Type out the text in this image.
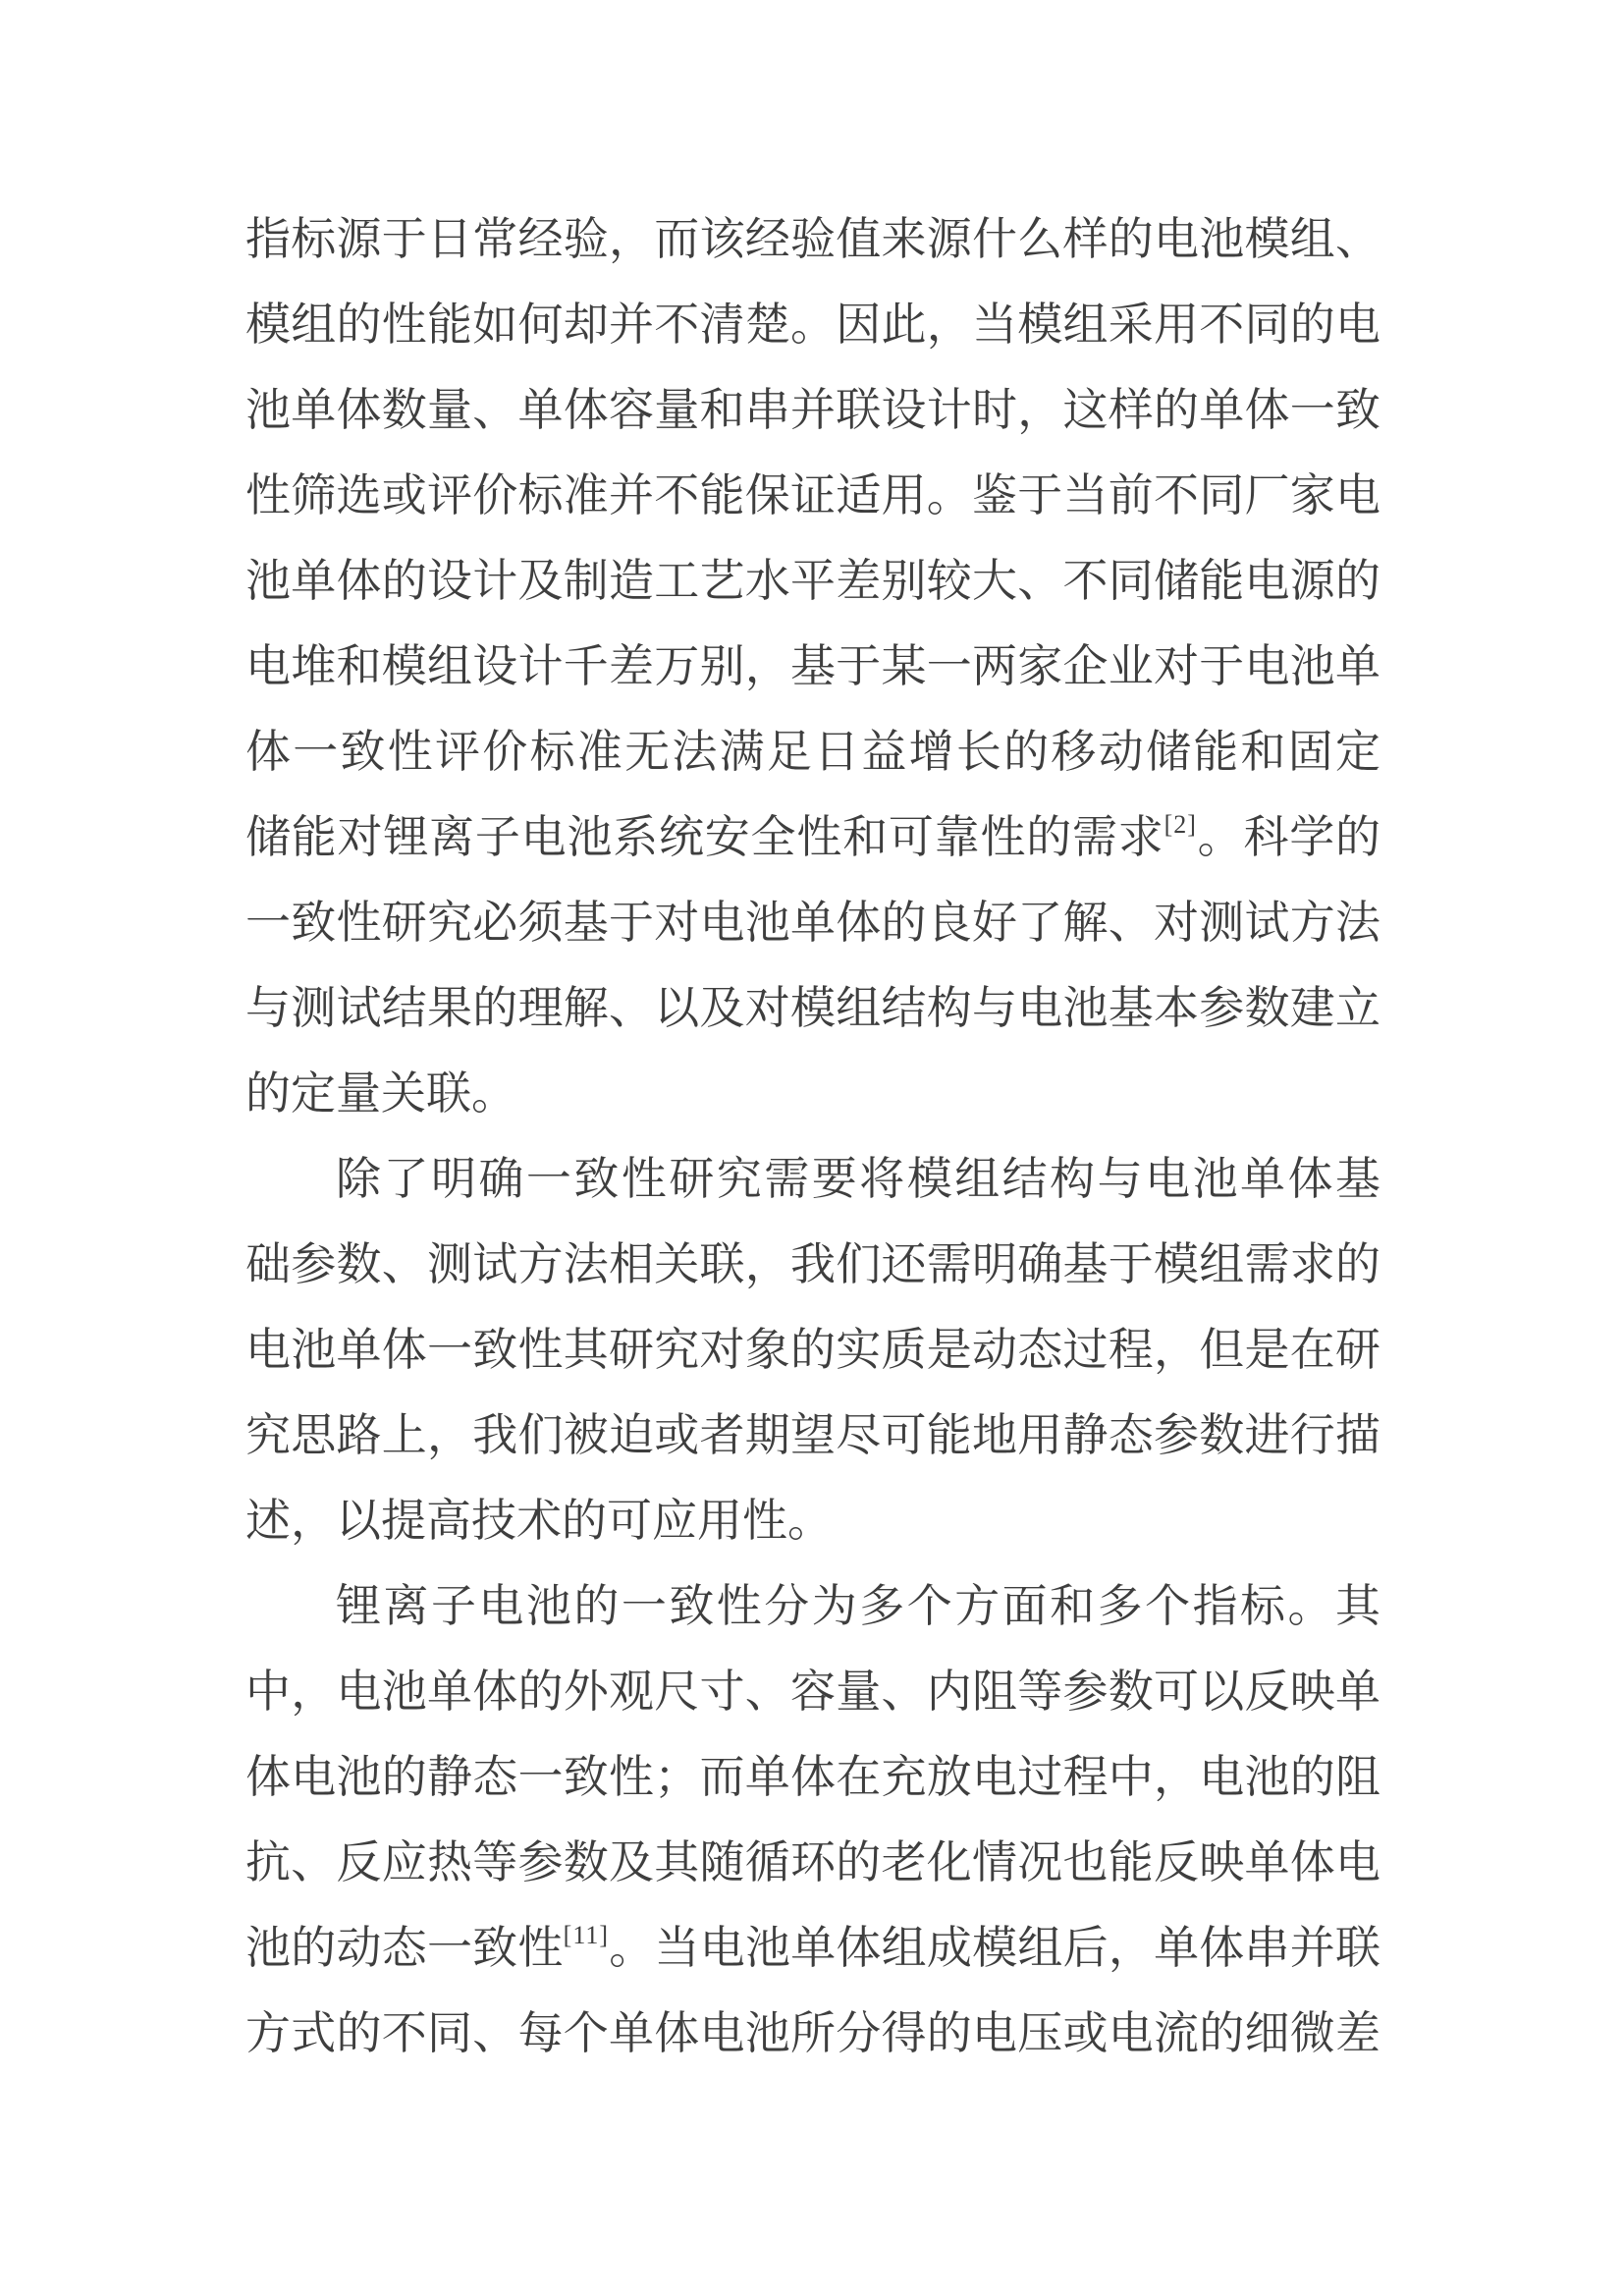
指标源于日常经验，而该经验值来源什么样的电池模组、
模组的性能如何却并不清楚。因此，当模组采用不同的电
池单体数量、单体容量和串并联设计时，这样的单体一致
性筛选或评价标准并不能保证适用。鉴于当前不同厂家电
池单体的设计及制造工艺水平差别较大、不同储能电源的
电堆和模组设计千差万别，基于某一两家企业对于电池单
体一致性评价标准无法满足日益增长的移动储能和固定
储能对锂离子电池系统安全性和可靠性的需求[2]。科学的
一致性研究必须基于对电池单体的良好了解、对测试方法
与测试结果的理解、以及对模组结构与电池基本参数建立
的定量关联。
除了明确一致性研究需要将模组结构与电池单体基
础参数、测试方法相关联，我们还需明确基于模组需求的
电池单体一致性其研究对象的实质是动态过程，但是在研
究思路上，我们被迫或者期望尽可能地用静态参数进行描
述，以提高技术的可应用性。
锂离子电池的一致性分为多个方面和多个指标。其
中，电池单体的外观尺寸、容量、内阻等参数可以反映单
体电池的静态一致性；而单体在充放电过程中，电池的阻
抗、反应热等参数及其随循环的老化情况也能反映单体电
池的动态一致性[11]。当电池单体组成模组后，单体串并联
方式的不同、每个单体电池所分得的电压或电流的细微差
